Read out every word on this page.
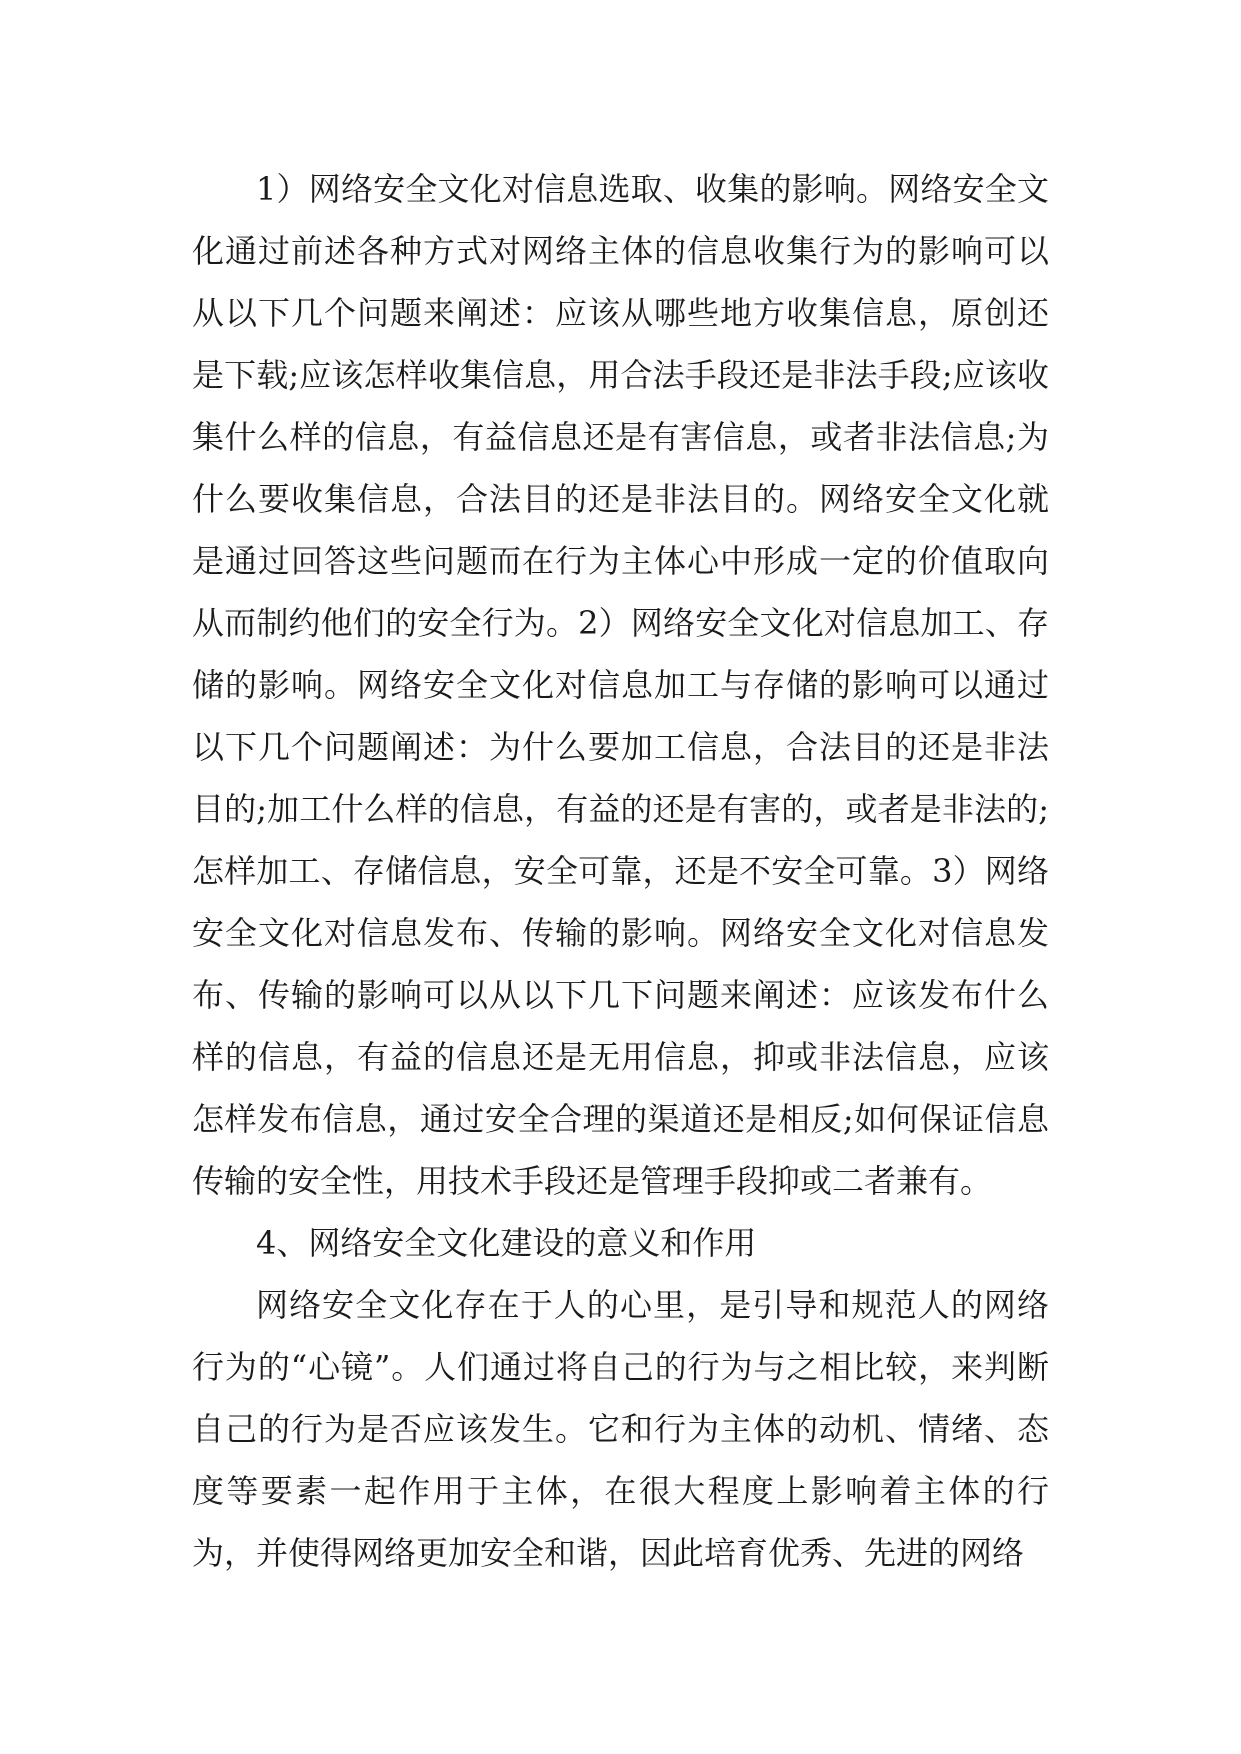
1）网络安全文化对信息选取、收集的影响。网络安全文化通过前述各种方式对网络主体的信息收集行为的影响可以从以下几个问题来阐述：应该从哪些地方收集信息，原创还是下载;应该怎样收集信息，用合法手段还是非法手段;应该收集什么样的信息，有益信息还是有害信息，或者非法信息;为什么要收集信息，合法目的还是非法目的。网络安全文化就是通过回答这些问题而在行为主体心中形成一定的价值取向从而制约他们的安全行为。2）网络安全文化对信息加工、存储的影响。网络安全文化对信息加工与存储的影响可以通过以下几个问题阐述：为什么要加工信息，合法目的还是非法目的;加工什么样的信息，有益的还是有害的，或者是非法的;怎样加工、存储信息，安全可靠，还是不安全可靠。3）网络安全文化对信息发布、传输的影响。网络安全文化对信息发布、传输的影响可以从以下几下问题来阐述：应该发布什么样的信息，有益的信息还是无用信息，抑或非法信息，应该怎样发布信息，通过安全合理的渠道还是相反;如何保证信息传输的安全性，用技术手段还是管理手段抑或二者兼有。

4、网络安全文化建设的意义和作用

网络安全文化存在于人的心里，是引导和规范人的网络行为的“心镜”。人们通过将自己的行为与之相比较，来判断自己的行为是否应该发生。它和行为主体的动机、情绪、态度等要素一起作用于主体，在很大程度上影响着主体的行为，并使得网络更加安全和谐，因此培育优秀、先进的网络
